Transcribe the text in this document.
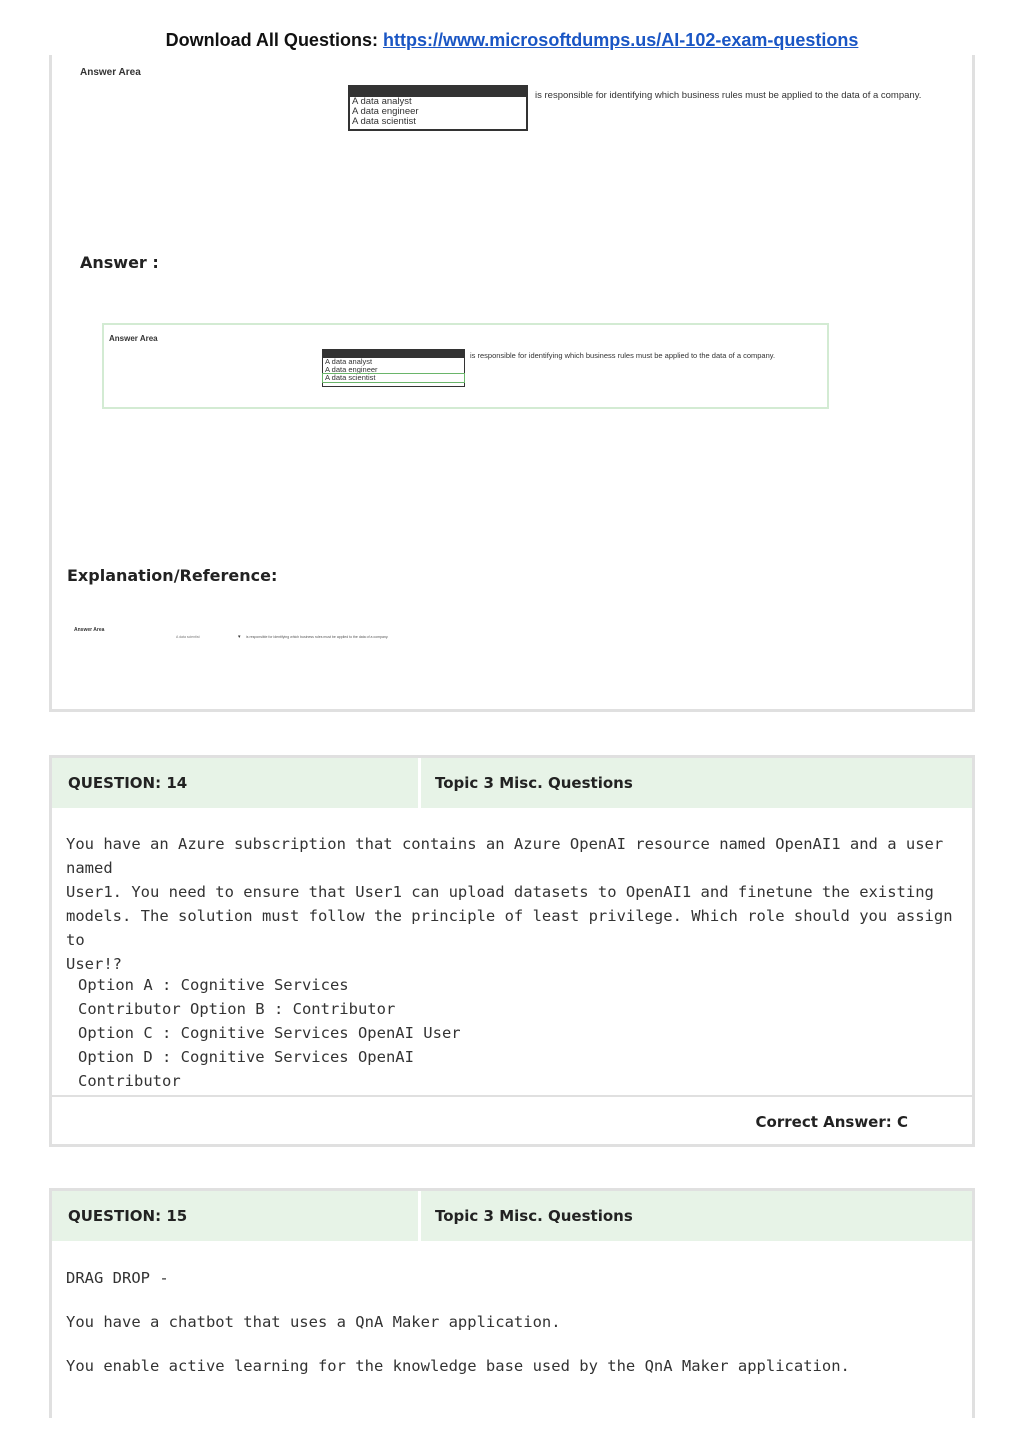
Download All Questions: https://www.microsoftdumps.us/AI-102-exam-questions
Answer Area
A data analyst
A data engineer
A data scientist
is responsible for identifying which business rules must be applied to the data of a company.
Answer :
Answer Area
A data analyst
A data engineer
A data scientist
is responsible for identifying which business rules must be applied to the data of a company.
Explanation/Reference:
Answer Area
A data scientist	▾ is responsible for identifying which business rules must be applied to the data of a company.
QUESTION: 14	Topic 3 Misc. Questions
You have an Azure subscription that contains an Azure OpenAI resource named OpenAI1 and a user named
User1. You need to ensure that User1 can upload datasets to OpenAI1 and finetune the existing
models. The solution must follow the principle of least privilege. Which role should you assign to
User!?
Option A : Cognitive Services
Contributor Option B : Contributor
Option C : Cognitive Services OpenAI User
Option D : Cognitive Services OpenAI
Contributor
Correct Answer: C
QUESTION: 15	Topic 3 Misc. Questions
DRAG DROP -
You have a chatbot that uses a QnA Maker application.
You enable active learning for the knowledge base used by the QnA Maker application.
